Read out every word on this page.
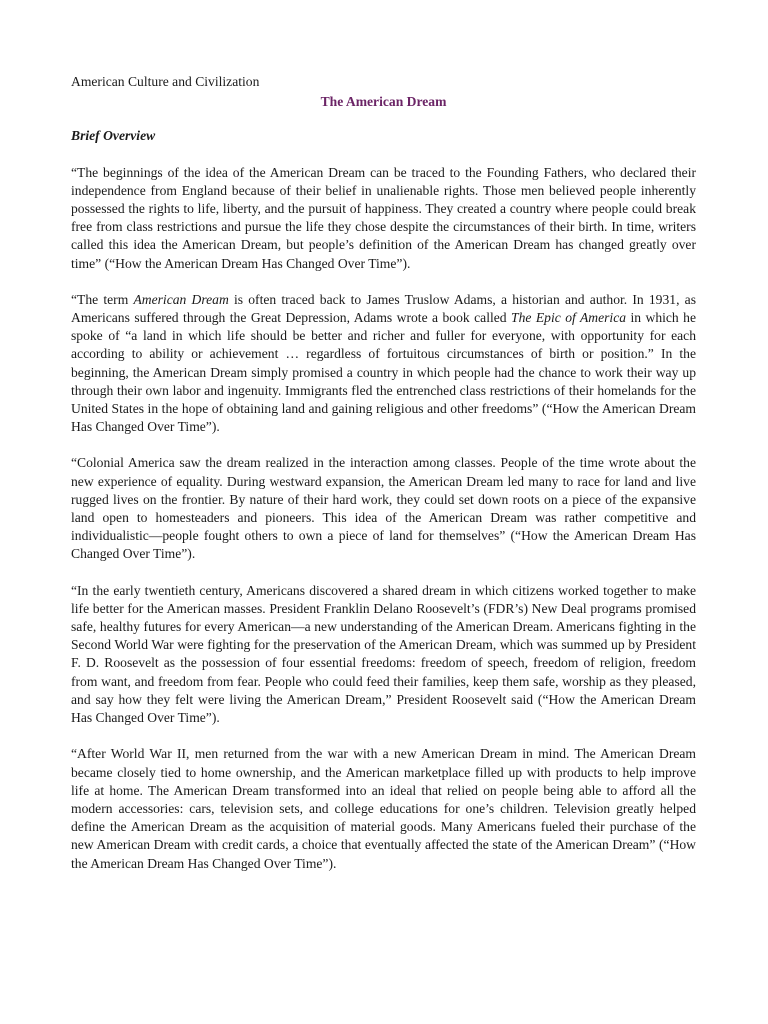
American Culture and Civilization

The American Dream

Brief Overview

“The beginnings of the idea of the American Dream can be traced to the Founding Fathers, who declared their independence from England because of their belief in unalienable rights. Those men believed people inherently possessed the rights to life, liberty, and the pursuit of happiness. They created a country where people could break free from class restrictions and pursue the life they chose despite the circumstances of their birth. In time, writers called this idea the American Dream, but people’s definition of the American Dream has changed greatly over time” (“How the American Dream Has Changed Over Time”).

“The term American Dream is often traced back to James Truslow Adams, a historian and author. In 1931, as Americans suffered through the Great Depression, Adams wrote a book called The Epic of America in which he spoke of “a land in which life should be better and richer and fuller for everyone, with opportunity for each according to ability or achievement … regardless of fortuitous circumstances of birth or position.” In the beginning, the American Dream simply promised a country in which people had the chance to work their way up through their own labor and ingenuity. Immigrants fled the entrenched class restrictions of their homelands for the United States in the hope of obtaining land and gaining religious and other freedoms” (“How the American Dream Has Changed Over Time”).

“Colonial America saw the dream realized in the interaction among classes. People of the time wrote about the new experience of equality. During westward expansion, the American Dream led many to race for land and live rugged lives on the frontier. By nature of their hard work, they could set down roots on a piece of the expansive land open to homesteaders and pioneers. This idea of the American Dream was rather competitive and individualistic—people fought others to own a piece of land for themselves” (“How the American Dream Has Changed Over Time”).

“In the early twentieth century, Americans discovered a shared dream in which citizens worked together to make life better for the American masses. President Franklin Delano Roosevelt’s (FDR’s) New Deal programs promised safe, healthy futures for every American—a new understanding of the American Dream. Americans fighting in the Second World War were fighting for the preservation of the American Dream, which was summed up by President F. D. Roosevelt as the possession of four essential freedoms: freedom of speech, freedom of religion, freedom from want, and freedom from fear. People who could feed their families, keep them safe, worship as they pleased, and say how they felt were living the American Dream,” President Roosevelt said (“How the American Dream Has Changed Over Time”).

“After World War II, men returned from the war with a new American Dream in mind. The American Dream became closely tied to home ownership, and the American marketplace filled up with products to help improve life at home. The American Dream transformed into an ideal that relied on people being able to afford all the modern accessories: cars, television sets, and college educations for one’s children. Television greatly helped define the American Dream as the acquisition of material goods. Many Americans fueled their purchase of the new American Dream with credit cards, a choice that eventually affected the state of the American Dream” (“How the American Dream Has Changed Over Time”).
